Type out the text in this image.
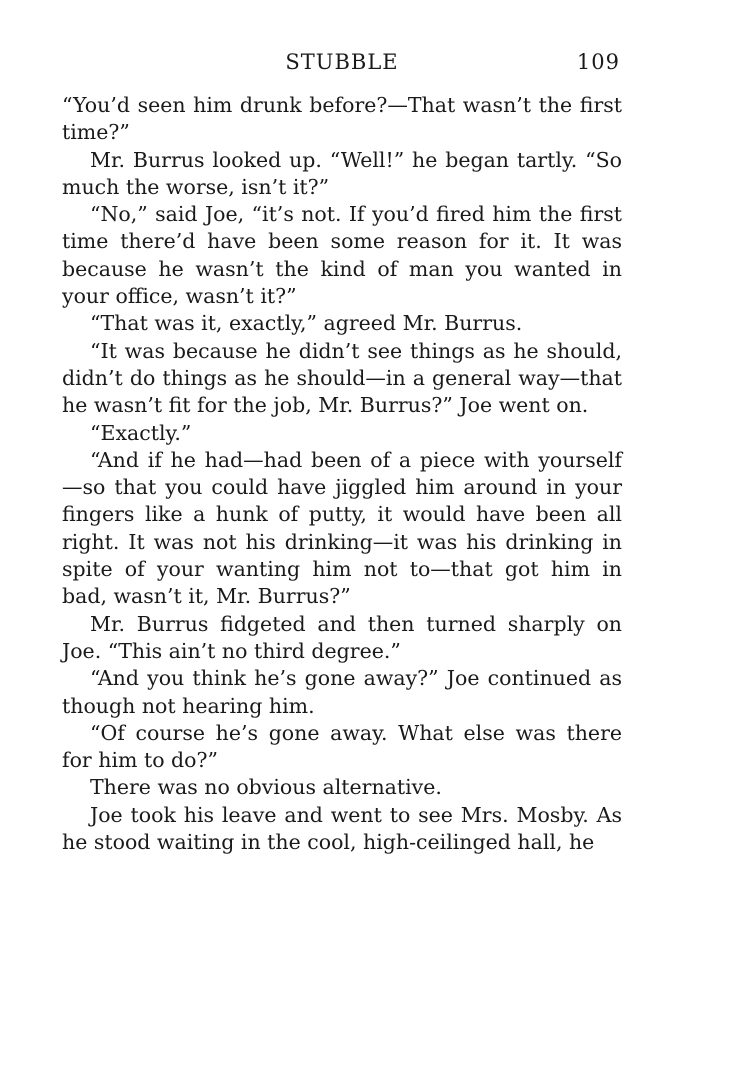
STUBBLE	109

“You’d seen him drunk before?—That wasn’t the first time?”

Mr. Burrus looked up. “Well!” he began tartly. “So much the worse, isn’t it?”

“No,” said Joe, “it’s not. If you’d fired him the first time there’d have been some reason for it. It was because he wasn’t the kind of man you wanted in your office, wasn’t it?”

“That was it, exactly,” agreed Mr. Burrus.

“It was because he didn’t see things as he should, didn’t do things as he should—in a general way—that he wasn’t fit for the job, Mr. Burrus?” Joe went on.

“Exactly.”

“And if he had—had been of a piece with yourself—so that you could have jiggled him around in your fingers like a hunk of putty, it would have been all right. It was not his drinking—it was his drinking in spite of your wanting him not to—that got him in bad, wasn’t it, Mr. Burrus?”

Mr. Burrus fidgeted and then turned sharply on Joe. “This ain’t no third degree.”

“And you think he’s gone away?” Joe continued as though not hearing him.

“Of course he’s gone away. What else was there for him to do?”

There was no obvious alternative.

Joe took his leave and went to see Mrs. Mosby. As he stood waiting in the cool, high-ceilinged hall, he
